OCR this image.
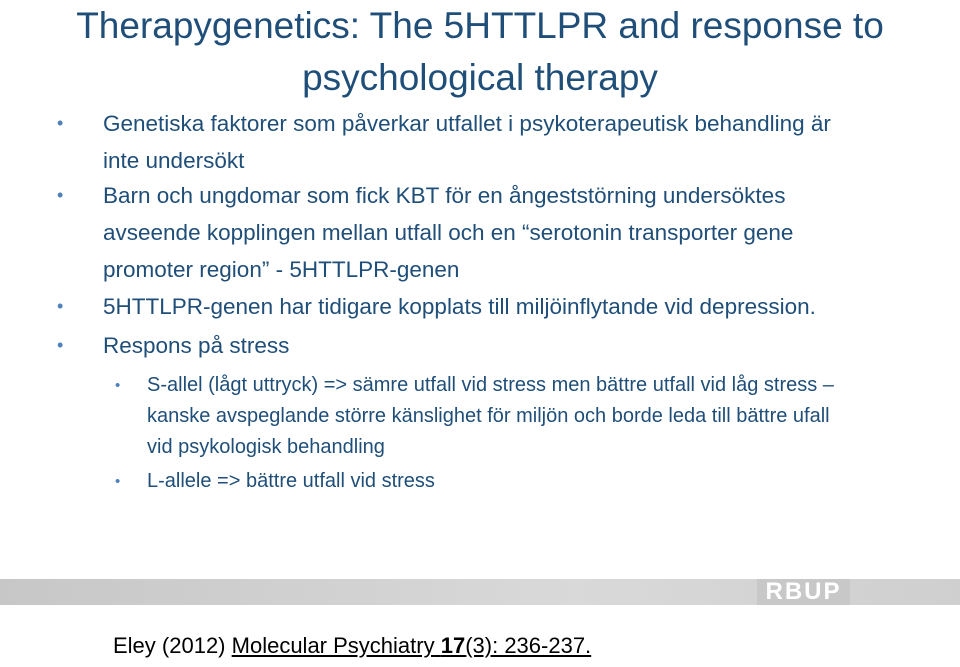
Therapygenetics: The 5HTTLPR and response to
psychological therapy
• Genetiska faktorer som påverkar utfallet i psykoterapeutisk behandling är
inte undersökt
• Barn och ungdomar som fick KBT för en ångeststörning undersöktes
avseende kopplingen mellan utfall och en “serotonin transporter gene
promoter region” - 5HTTLPR-genen
• 5HTTLPR-genen har tidigare kopplats till miljöinflytande vid depression.
• Respons på stress
• S-allel (lågt uttryck) => sämre utfall vid stress men bättre utfall vid låg stress –
kanske avspeglande större känslighet för miljön och borde leda till bättre ufall
vid psykologisk behandling
• L-allele => bättre utfall vid stress
RBUP
Eley (2012) Molecular Psychiatry 17(3): 236-237.
